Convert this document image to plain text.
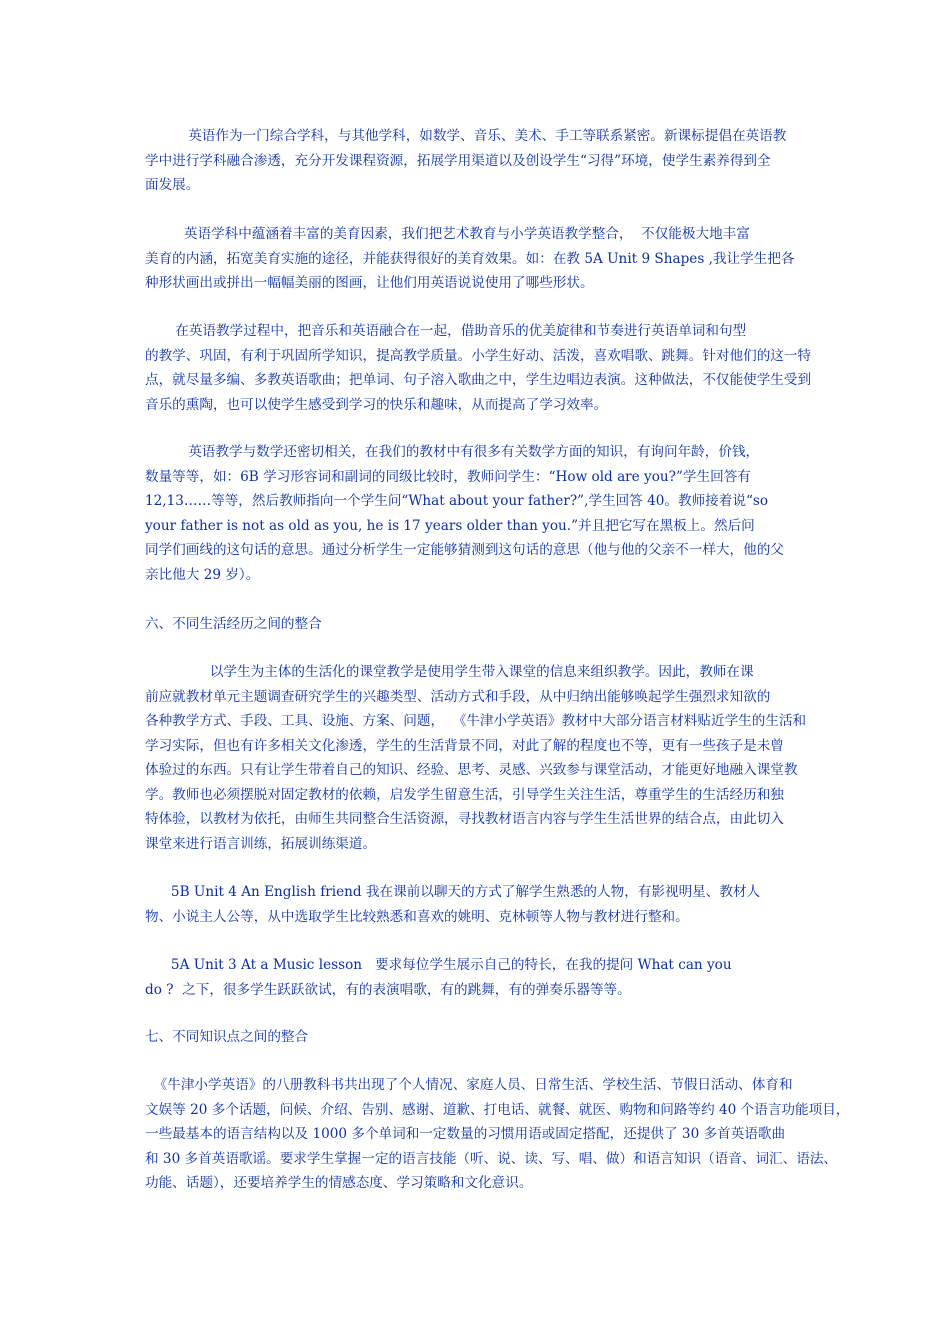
英语作为一门综合学科，与其他学科，如数学、音乐、美术、手工等联系紧密。新课标提倡在英语教
学中进行学科融合渗透，充分开发课程资源，拓展学用渠道以及创设学生“习得”环境，使学生素养得到全
面发展。
英语学科中蕴涵着丰富的美育因素，我们把艺术教育与小学英语教学整合，  不仅能极大地丰富
美育的内涵，拓宽美育实施的途径，并能获得很好的美育效果。如：在教 5A Unit 9 Shapes ,我让学生把各
种形状画出或拼出一幅幅美丽的图画，让他们用英语说说使用了哪些形状。
在英语教学过程中，把音乐和英语融合在一起，借助音乐的优美旋律和节奏进行英语单词和句型
的教学、巩固，有利于巩固所学知识，提高教学质量。小学生好动、活泼，喜欢唱歌、跳舞。针对他们的这一特
点，就尽量多编、多教英语歌曲；把单词、句子溶入歌曲之中，学生边唱边表演。这种做法，不仅能使学生受到
音乐的熏陶，也可以使学生感受到学习的快乐和趣味，从而提高了学习效率。
英语教学与数学还密切相关，在我们的教材中有很多有关数学方面的知识，有询问年龄，价钱，
数量等等，如：6B 学习形容词和副词的同级比较时，教师问学生：“How old are you?”学生回答有
12,13……等等，然后教师指向一个学生问“What about your father?”,学生回答 40。教师接着说“so
your father is not as old as you, he is 17 years older than you.”并且把它写在黑板上。然后问
同学们画线的这句话的意思。通过分析学生一定能够猜测到这句话的意思（他与他的父亲不一样大，他的父
亲比他大 29 岁）。
六、不同生活经历之间的整合
以学生为主体的生活化的课堂教学是使用学生带入课堂的信息来组织教学。因此，教师在课
前应就教材单元主题调查研究学生的兴趣类型、活动方式和手段，从中归纳出能够唤起学生强烈求知欲的
各种教学方式、手段、工具、设施、方案、问题，  《牛津小学英语》教材中大部分语言材料贴近学生的生活和
学习实际，但也有许多相关文化渗透，学生的生活背景不同，对此了解的程度也不等，更有一些孩子是未曾
体验过的东西。只有让学生带着自己的知识、经验、思考、灵感、兴致参与课堂活动，才能更好地融入课堂教
学。教师也必须摆脱对固定教材的依赖，启发学生留意生活，引导学生关注生活，尊重学生的生活经历和独
特体验，以教材为依托，由师生共同整合生活资源，寻找教材语言内容与学生生活世界的结合点，由此切入
课堂来进行语言训练，拓展训练渠道。
5B Unit 4 An English friend 我在课前以聊天的方式了解学生熟悉的人物，有影视明星、教材人
物、小说主人公等，从中选取学生比较熟悉和喜欢的姚明、克林顿等人物与教材进行整和。
5A Unit 3 At a Music lesson   要求每位学生展示自己的特长，在我的提问 What can you
do ?  之下，很多学生跃跃欲试，有的表演唱歌，有的跳舞，有的弹奏乐器等等。
七、不同知识点之间的整合
《牛津小学英语》的八册教科书共出现了个人情况、家庭人员、日常生活、学校生活、节假日活动、体育和
文娱等 20 多个话题，问候、介绍、告别、感谢、道歉、打电话、就餐、就医、购物和问路等约 40 个语言功能项目，
一些最基本的语言结构以及 1000 多个单词和一定数量的习惯用语或固定搭配，还提供了 30 多首英语歌曲
和 30 多首英语歌谣。要求学生掌握一定的语言技能（听、说、读、写、唱、做）和语言知识（语音、词汇、语法、
功能、话题），还要培养学生的情感态度、学习策略和文化意识。
